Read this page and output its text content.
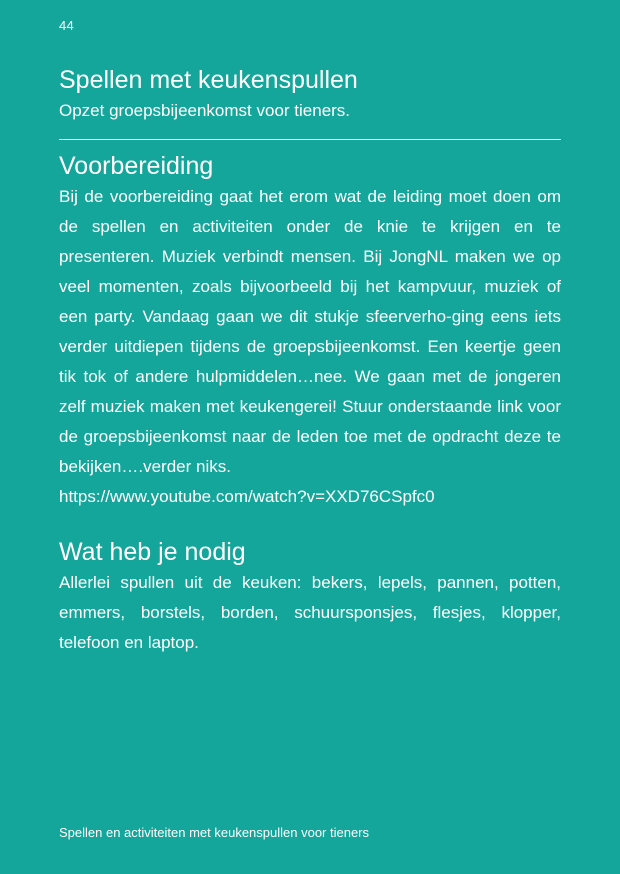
44
Spellen met keukenspullen

Opzet groepsbijeenkomst voor tieners.

Voorbereiding

Bij de voorbereiding gaat het erom wat de leiding moet doen om de spellen en activiteiten onder de knie te krijgen en te presenteren. Muziek verbindt mensen. Bij JongNL maken we op veel momenten, zoals bijvoorbeeld bij het kampvuur, muziek of een party. Vandaag gaan we dit stukje sfeerverho-ging eens iets verder uitdiepen tijdens de groepsbijeenkomst. Een keertje geen tik tok of andere hulpmiddelen…nee. We gaan met de jongeren zelf muziek maken met keukengerei! Stuur onderstaande link voor de groepsbijeenkomst naar de leden toe met de opdracht deze te bekijken….verder niks.
https://www.youtube.com/watch?v=XXD76CSpfc0

Wat heb je nodig

Allerlei spullen uit de keuken: bekers, lepels, pannen, potten, emmers, borstels, borden, schuursponsjes, flesjes, klopper, telefoon en laptop.

Spellen en activiteiten met keukenspullen voor tieners
